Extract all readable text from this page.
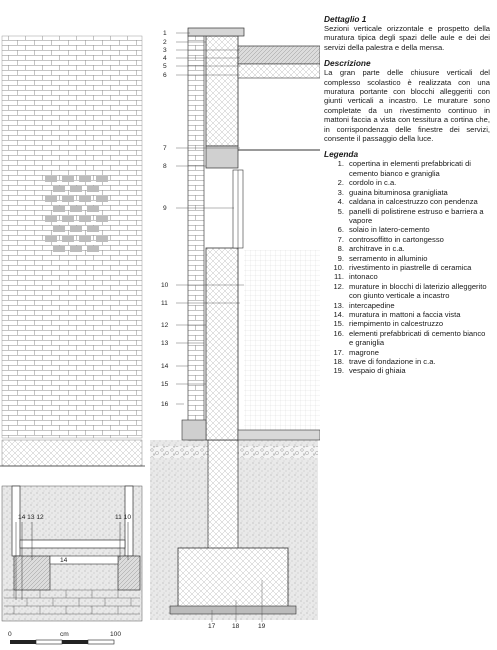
14 13 12	11 10
14
0	cm	100
1
2
3
4
5
6
7
8
9
10
11
12
13
14
15
16
17	18	19

Dettaglio 1

Sezioni verticale orizzontale e prospetto della muratura tipica degli spazi delle aule e dei dei servizi della palestra e della mensa.

Descrizione

La gran parte delle chiusure verticali del complesso scolastico è realizzata con una muratura portante con blocchi alleggeriti con giunti verticali a incastro. Le murature sono completate da un rivestimento continuo in mattoni faccia a vista con tessitura a cortina che, in corrispondenza delle finestre dei servizi, consente il passaggio della luce.

Legenda

1. copertina in elementi prefabbricati di cemento bianco e graniglia
2. cordolo in c.a.
3. guaina bituminosa granigliata
4. caldana in calcestruzzo con pendenza
5. panelli di polistirene estruso e barriera a vapore
6. solaio in latero-cemento
7. controsoffitto in cartongesso
8. architrave in c.a.
9. serramento in alluminio
10. rivestimento in piastrelle di ceramica
11. intonaco
12. murature in blocchi di laterizio alleggerito con giunto verticale a incastro
13. intercapedine
14. muratura in mattoni a faccia vista
15. riempimento in calcestruzzo
16. elementi prefabbricati di cemento bianco e graniglia
17. magrone
18. trave di fondazione in c.a.
19. vespaio di ghiaia
